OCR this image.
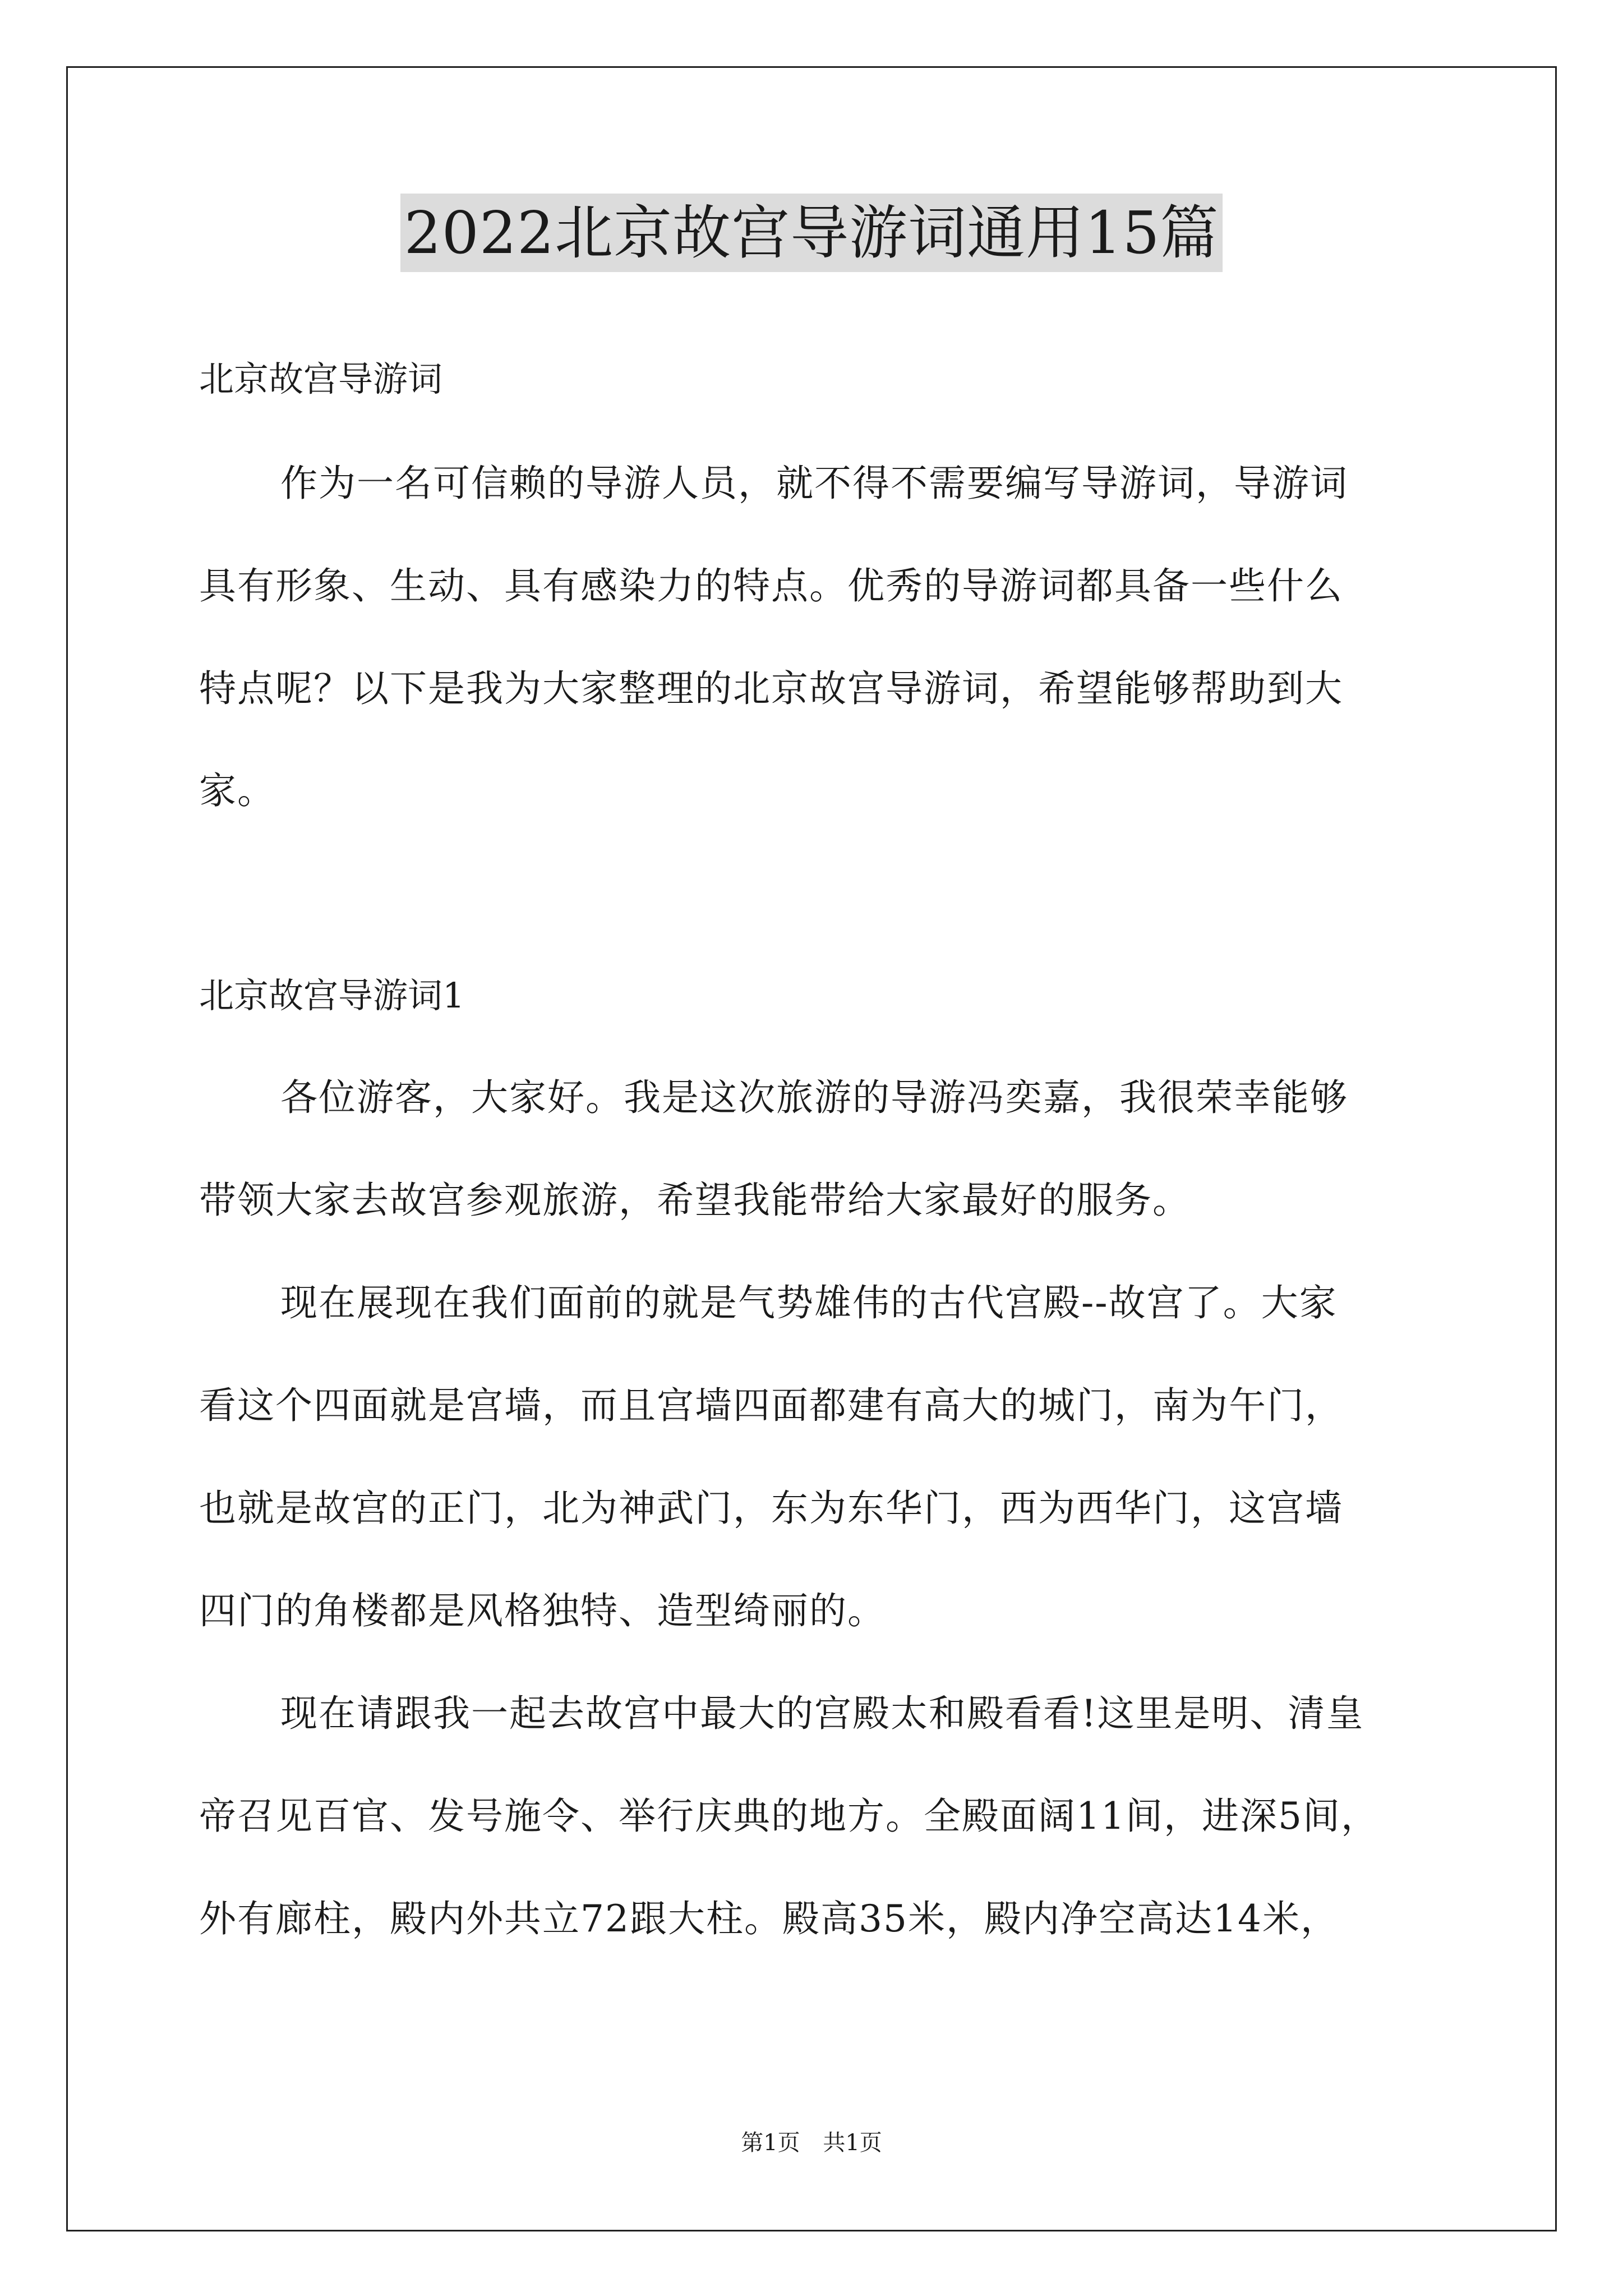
2022北京故宫导游词通用15篇
北京故宫导游词
作为一名可信赖的导游人员，就不得不需要编写导游词，导游词
具有形象、生动、具有感染力的特点。优秀的导游词都具备一些什么
特点呢？以下是我为大家整理的北京故宫导游词，希望能够帮助到大
家。
北京故宫导游词1
各位游客，大家好。我是这次旅游的导游冯奕嘉，我很荣幸能够
带领大家去故宫参观旅游，希望我能带给大家最好的服务。
现在展现在我们面前的就是气势雄伟的古代宫殿--故宫了。大家
看这个四面就是宫墙，而且宫墙四面都建有高大的城门，南为午门，
也就是故宫的正门，北为神武门，东为东华门，西为西华门，这宫墙
四门的角楼都是风格独特、造型绮丽的。
现在请跟我一起去故宫中最大的宫殿太和殿看看!这里是明、清皇
帝召见百官、发号施令、举行庆典的地方。全殿面阔11间，进深5间，
外有廊柱，殿内外共立72跟大柱。殿高35米，殿内净空高达14米，
第1页 共1页
